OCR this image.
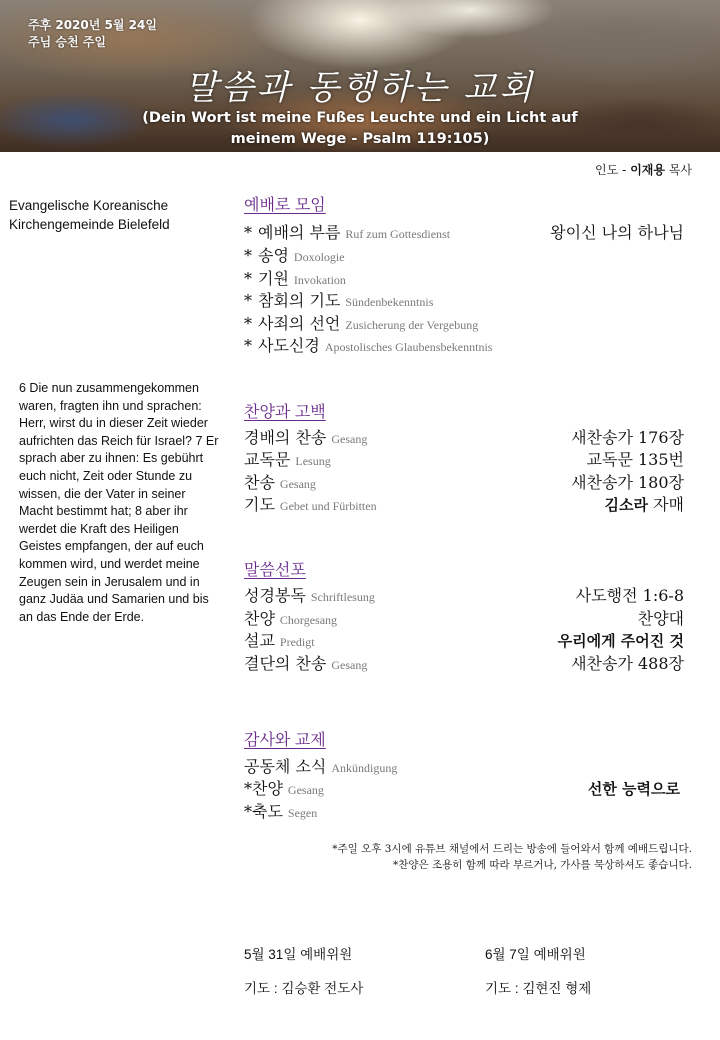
주후 2020년 5월 24일
주님 승천 주일
말씀과 동행하는 교회
(Dein Wort ist meine Fußes Leuchte und ein Licht auf
meinem Wege - Psalm 119:105)
인도 - 이재용 목사
Evangelische Koreanische
Kirchengemeinde Bielefeld
6 Die nun zusammengekommen waren, fragten ihn und sprachen: Herr, wirst du in dieser Zeit wieder aufrichten das Reich für Israel? 7 Er sprach aber zu ihnen: Es gebührt euch nicht, Zeit oder Stunde zu wissen, die der Vater in seiner Macht bestimmt hat; 8 aber ihr werdet die Kraft des Heiligen Geistes empfangen, der auf euch kommen wird, und werdet meine Zeugen sein in Jerusalem und in ganz Judäa und Samarien und bis an das Ende der Erde.
예배로 모임
* 예배의 부름 Ruf zum Gottesdienst	왕이신 나의 하나님
* 송영 Doxologie
* 기원 Invokation
* 참회의 기도 Sündenbekenntnis
* 사죄의 선언 Zusicherung der Vergebung
* 사도신경 Apostolisches Glaubensbekenntnis
찬양과 고백
경배의 찬송 Gesang	새찬송가 176장
교독문 Lesung	교독문 135번
찬송 Gesang	새찬송가 180장
기도 Gebet und Fürbitten	김소라 자매
말씀선포
성경봉독 Schriftlesung	사도행전 1:6-8
찬양 Chorgesang	찬양대
설교 Predigt	우리에게 주어진 것
결단의 찬송 Gesang	새찬송가 488장
감사와 교제
공동체 소식 Ankündigung
*찬양 Gesang	선한 능력으로
*축도 Segen
*주일 오후 3시에 유튜브 채널에서 드리는 방송에 들어와서 함께 예배드립니다.
*찬양은 조용히 함께 따라 부르거나, 가사를 묵상하셔도 좋습니다.
5월 31일 예배위원
기도 : 김승환 전도사
6월 7일 예배위원
기도 : 김현진 형제
